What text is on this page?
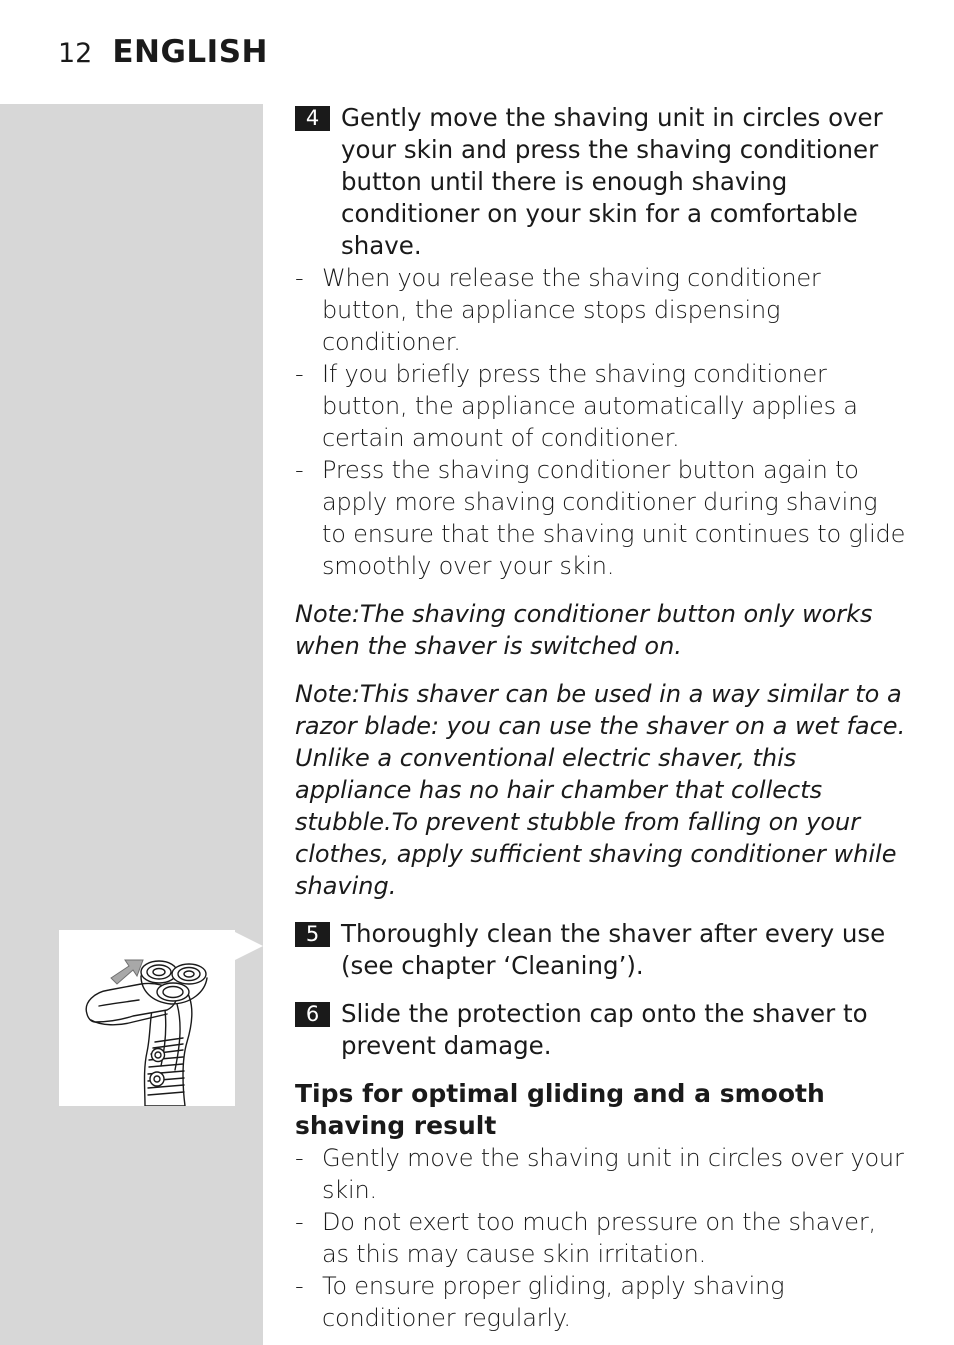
12 ENGLISH
4 Gently move the shaving unit in circles over your skin and press the shaving conditioner button until there is enough shaving conditioner on your skin for a comfortable shave.
- When you release the shaving conditioner button, the appliance stops dispensing conditioner.
- If you briefly press the shaving conditioner button, the appliance automatically applies a certain amount of conditioner.
- Press the shaving conditioner button again to apply more shaving conditioner during shaving to ensure that the shaving unit continues to glide smoothly over your skin.
Note:The shaving conditioner button only works when the shaver is switched on.
Note:This shaver can be used in a way similar to a razor blade: you can use the shaver on a wet face. Unlike a conventional electric shaver, this appliance has no hair chamber that collects stubble.To prevent stubble from falling on your clothes, apply sufficient shaving conditioner while shaving.
5 Thoroughly clean the shaver after every use (see chapter ‘Cleaning’).
6 Slide the protection cap onto the shaver to prevent damage.
Tips for optimal gliding and a smooth shaving result
- Gently move the shaving unit in circles over your skin.
- Do not exert too much pressure on the shaver, as this may cause skin irritation.
- To ensure proper gliding, apply shaving conditioner regularly.
